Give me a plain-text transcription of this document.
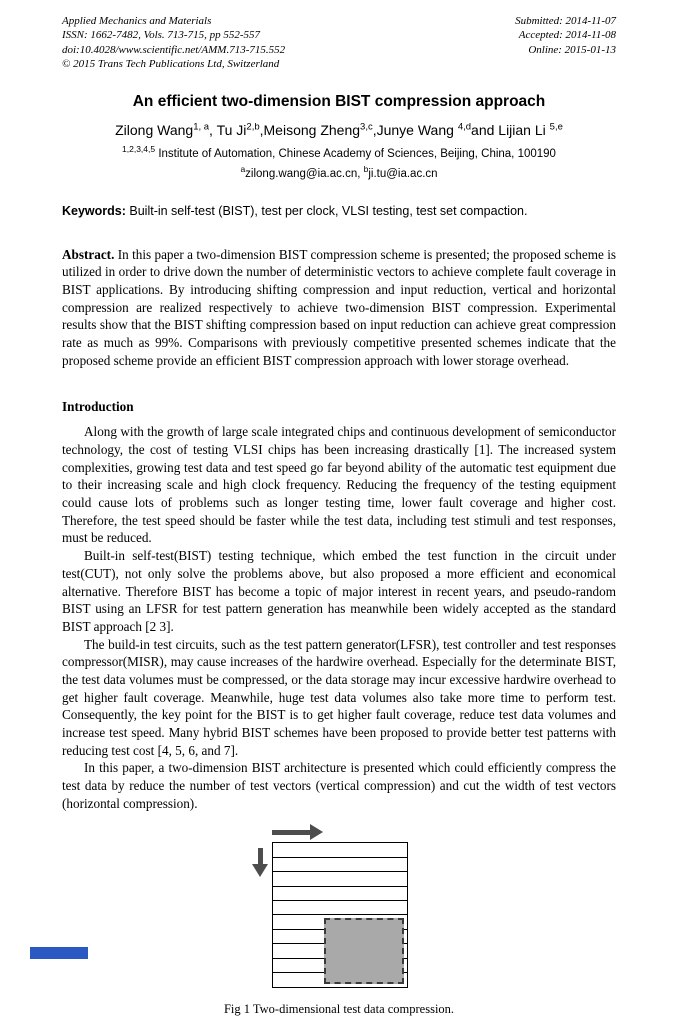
Applied Mechanics and Materials
ISSN: 1662-7482, Vols. 713-715, pp 552-557
doi:10.4028/www.scientific.net/AMM.713-715.552
© 2015 Trans Tech Publications Ltd, Switzerland
Submitted: 2014-11-07
Accepted: 2014-11-08
Online: 2015-01-13
An efficient two-dimension BIST compression approach
Zilong Wang$^{1, a}$, Tu Ji$^{2,b}$,Meisong Zheng$^{3,c}$,Junye Wang $^{4,d}$and Lijian Li $^{5,e}$
$^{1,2,3,4,5}$ Institute of Automation, Chinese Academy of Sciences, Beijing, China, 100190
$^a$zilong.wang@ia.ac.cn, $^b$ji.tu@ia.ac.cn
Keywords: Built-in self-test (BIST), test per clock, VLSI testing, test set compaction.

Abstract. In this paper a two-dimension BIST compression scheme is presented; the proposed scheme is utilized in order to drive down the number of deterministic vectors to achieve complete fault coverage in BIST applications. By introducing shifting compression and input reduction, vertical and horizontal compression are realized respectively to achieve two-dimension BIST compression. Experimental results show that the BIST shifting compression based on input reduction can achieve great compression rate as much as 99%. Comparisons with previously competitive presented schemes indicate that the proposed scheme provide an efficient BIST compression approach with lower storage overhead.

Introduction

Along with the growth of large scale integrated chips and continuous development of semiconductor technology, the cost of testing VLSI chips has been increasing drastically [1]. The increased system complexities, growing test data and test speed go far beyond ability of the automatic test equipment due to their increasing scale and high clock frequency. Reducing the frequency of the testing equipment could cause lots of problems such as longer testing time, lower fault coverage and higher cost. Therefore, the test speed should be faster while the test data, including test stimuli and test responses, must be reduced.

Built-in self-test(BIST) testing technique, which embed the test function in the circuit under test(CUT), not only solve the problems above, but also proposed a more efficient and economical alternative. Therefore BIST has become a topic of major interest in recent years, and pseudo-random BIST using an LFSR for test pattern generation has meanwhile been widely accepted as the standard BIST approach [2 3].

The build-in test circuits, such as the test pattern generator(LFSR), test controller and test responses compressor(MISR), may cause increases of the hardwire overhead. Especially for the determinate BIST, the test data volumes must be compressed, or the data storage may incur excessive hardwire overhead to get higher fault coverage. Meanwhile, huge test data volumes also take more time to perform test. Consequently, the key point for the BIST is to get higher fault coverage, reduce test data volumes and increase test speed. Many hybrid BIST schemes have been proposed to provide better test patterns with reducing test cost [4, 5, 6, and 7].

In this paper, a two-dimension BIST architecture is presented which could efficiently compress the test data by reduce the number of test vectors (vertical compression) and cut the width of test vectors (horizontal compression).

Fig 1 Two-dimensional test data compression.
